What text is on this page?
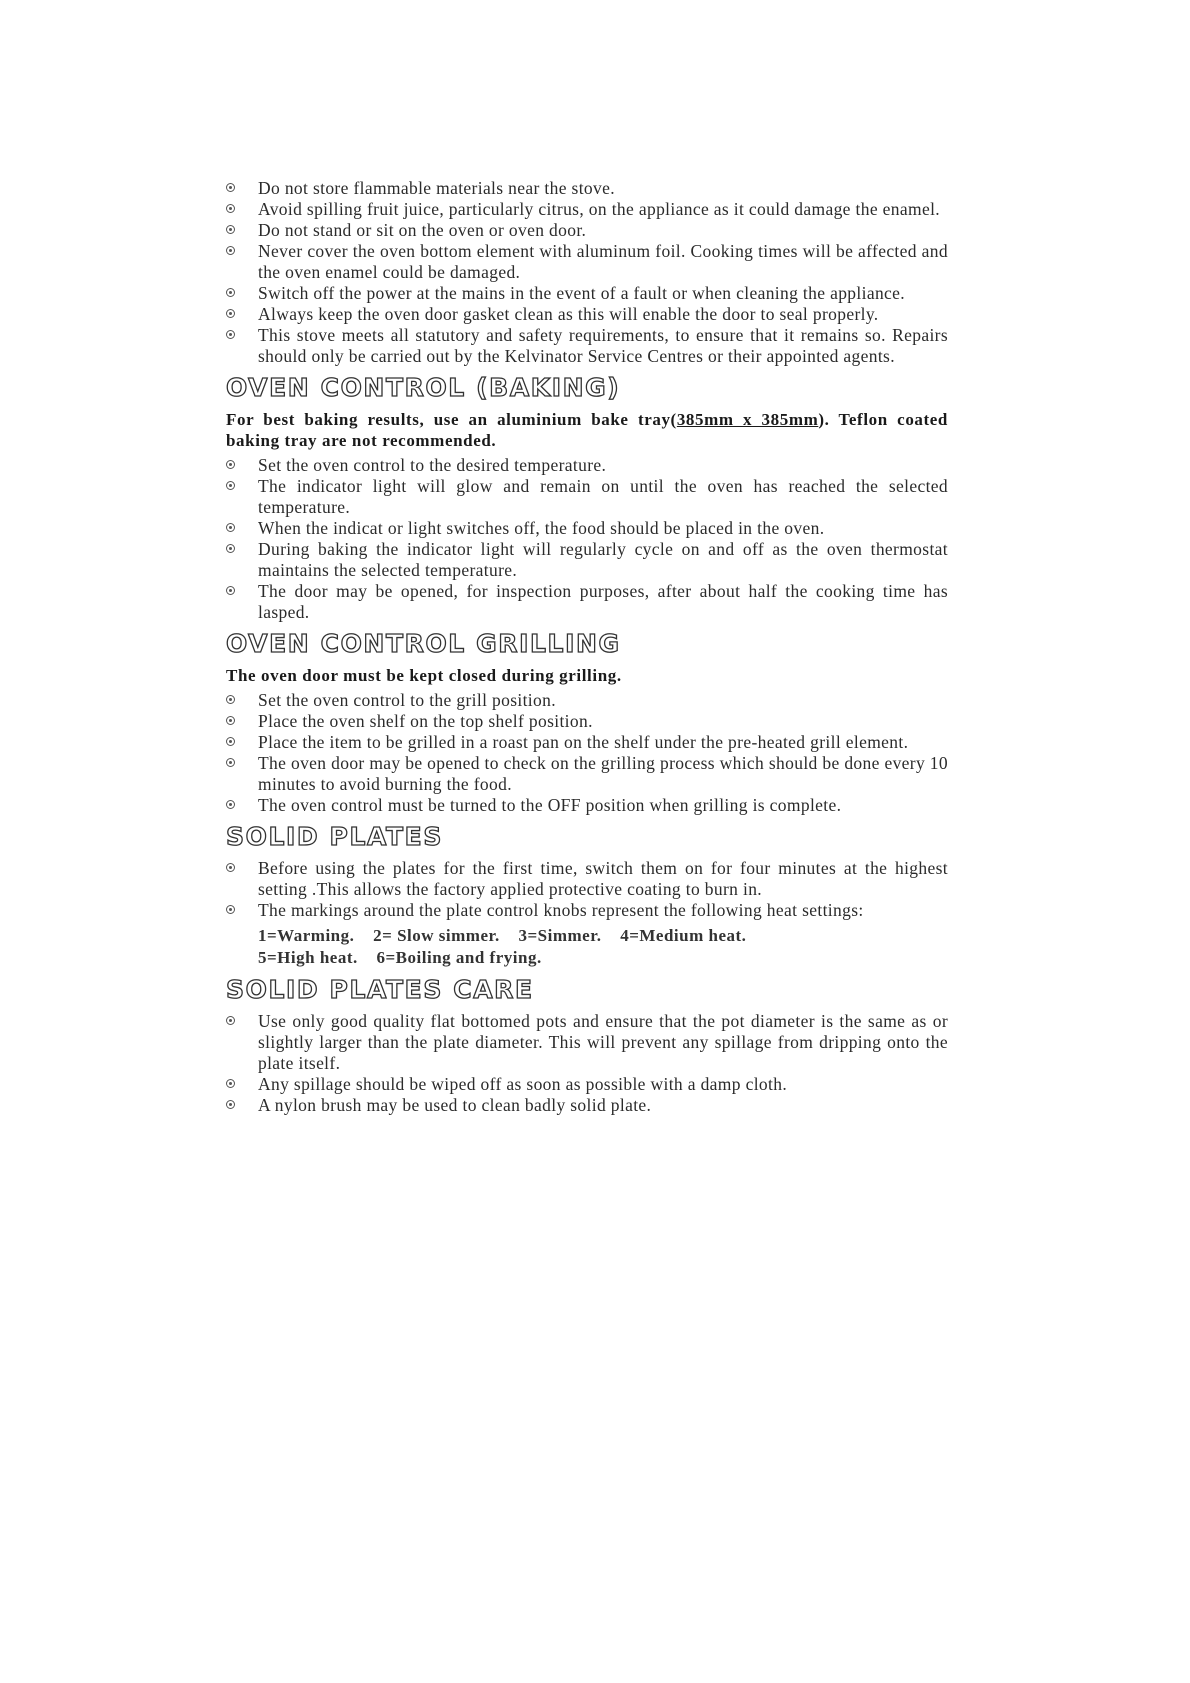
Do not store flammable materials near the stove.
Avoid spilling fruit juice, particularly citrus, on the appliance as it could damage the enamel.
Do not stand or sit on the oven or oven door.
Never cover the oven bottom element with aluminum foil. Cooking times will be affected and the oven enamel could be damaged.
Switch off the power at the mains in the event of a fault or when cleaning the appliance.
Always keep the oven door gasket clean as this will enable the door to seal properly.
This stove meets all statutory and safety requirements, to ensure that it remains so. Repairs should only be carried out by the Kelvinator Service Centres or their appointed agents.
OVEN CONTROL (BAKING)

For best baking results, use an aluminium bake tray(385mm x 385mm). Teflon coated baking tray are not recommended.

Set the oven control to the desired temperature.
The indicator light will glow and remain on until the oven has reached the selected temperature.
When the indicat or light switches off, the food should be placed in the oven.
During baking the indicator light will regularly cycle on and off as the oven thermostat maintains the selected temperature.
The door may be opened, for inspection purposes, after about half the cooking time has lasped.
OVEN CONTROL GRILLING

The oven door must be kept closed during grilling.

Set the oven control to the grill position.
Place the oven shelf on the top shelf position.
Place the item to be grilled in a roast pan on the shelf under the pre-heated grill element.
The oven door may be opened to check on the grilling process which should be done every 10 minutes to avoid burning the food.
The oven control must be turned to the OFF position when grilling is complete.
SOLID PLATES
Before using the plates for the first time, switch them on for four minutes at the highest setting .This allows the factory applied protective coating to burn in.
The markings around the plate control knobs represent the following heat settings:
1=Warming. 2= Slow simmer. 3=Simmer. 4=Medium heat.
5=High heat. 6=Boiling and frying.
SOLID PLATES CARE
Use only good quality flat bottomed pots and ensure that the pot diameter is the same as or slightly larger than the plate diameter. This will prevent any spillage from dripping onto the plate itself.
Any spillage should be wiped off as soon as possible with a damp cloth.
A nylon brush may be used to clean badly solid plate.
